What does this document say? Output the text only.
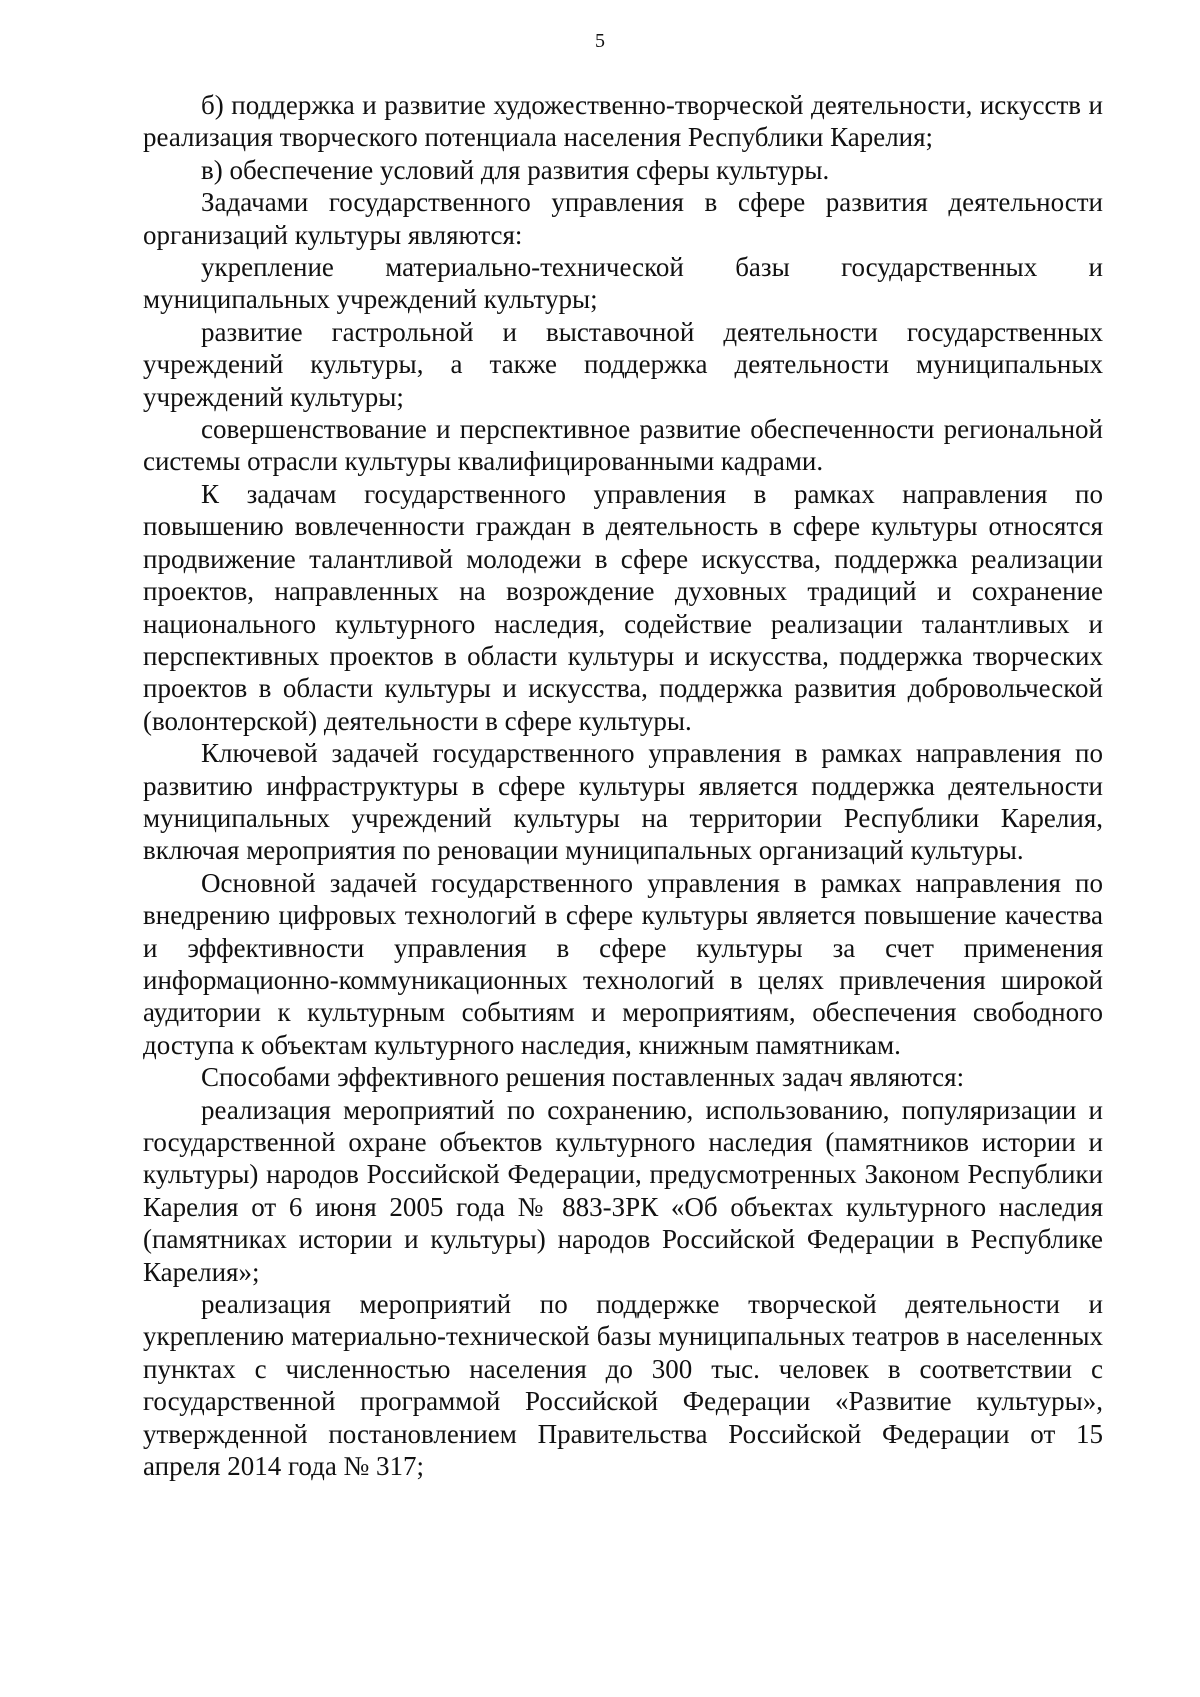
5

б) поддержка и развитие художественно-творческой деятельности, искусств и реализация творческого потенциала населения Республики Карелия;

в) обеспечение условий для развития сферы культуры.

Задачами государственного управления в сфере развития деятельности организаций культуры являются:

укрепление материально-технической базы государственных и муниципальных учреждений культуры;

развитие гастрольной и выставочной деятельности государственных учреждений культуры, а также поддержка деятельности муниципальных учреждений культуры;

совершенствование и перспективное развитие обеспеченности региональной системы отрасли культуры квалифицированными кадрами.

К задачам государственного управления в рамках направления по повышению вовлеченности граждан в деятельность в сфере культуры относятся продвижение талантливой молодежи в сфере искусства, поддержка реализации проектов, направленных на возрождение духовных традиций и сохранение национального культурного наследия, содействие реализации талантливых и перспективных проектов в области культуры и искусства, поддержка творческих проектов в области культуры и искусства, поддержка развития добровольческой (волонтерской) деятельности в сфере культуры.

Ключевой задачей государственного управления в рамках направления по развитию инфраструктуры в сфере культуры является поддержка деятельности муниципальных учреждений культуры на территории Республики Карелия, включая мероприятия по реновации муниципальных организаций культуры.

Основной задачей государственного управления в рамках направления по внедрению цифровых технологий в сфере культуры является повышение качества и эффективности управления в сфере культуры за счет применения информационно-коммуникационных технологий в целях привлечения широкой аудитории к культурным событиям и мероприятиям, обеспечения свободного доступа к объектам культурного наследия, книжным памятникам.

Способами эффективного решения поставленных задач являются:

реализация мероприятий по сохранению, использованию, популяризации и государственной охране объектов культурного наследия (памятников истории и культуры) народов Российской Федерации, предусмотренных Законом Республики Карелия от 6 июня 2005 года № 883-ЗРК «Об объектах культурного наследия (памятниках истории и культуры) народов Российской Федерации в Республике Карелия»;

реализация мероприятий по поддержке творческой деятельности и укреплению материально-технической базы муниципальных театров в населенных пунктах с численностью населения до 300 тыс. человек в соответствии с государственной программой Российской Федерации «Развитие культуры», утвержденной постановлением Правительства Российской Федерации от 15 апреля 2014 года № 317;
